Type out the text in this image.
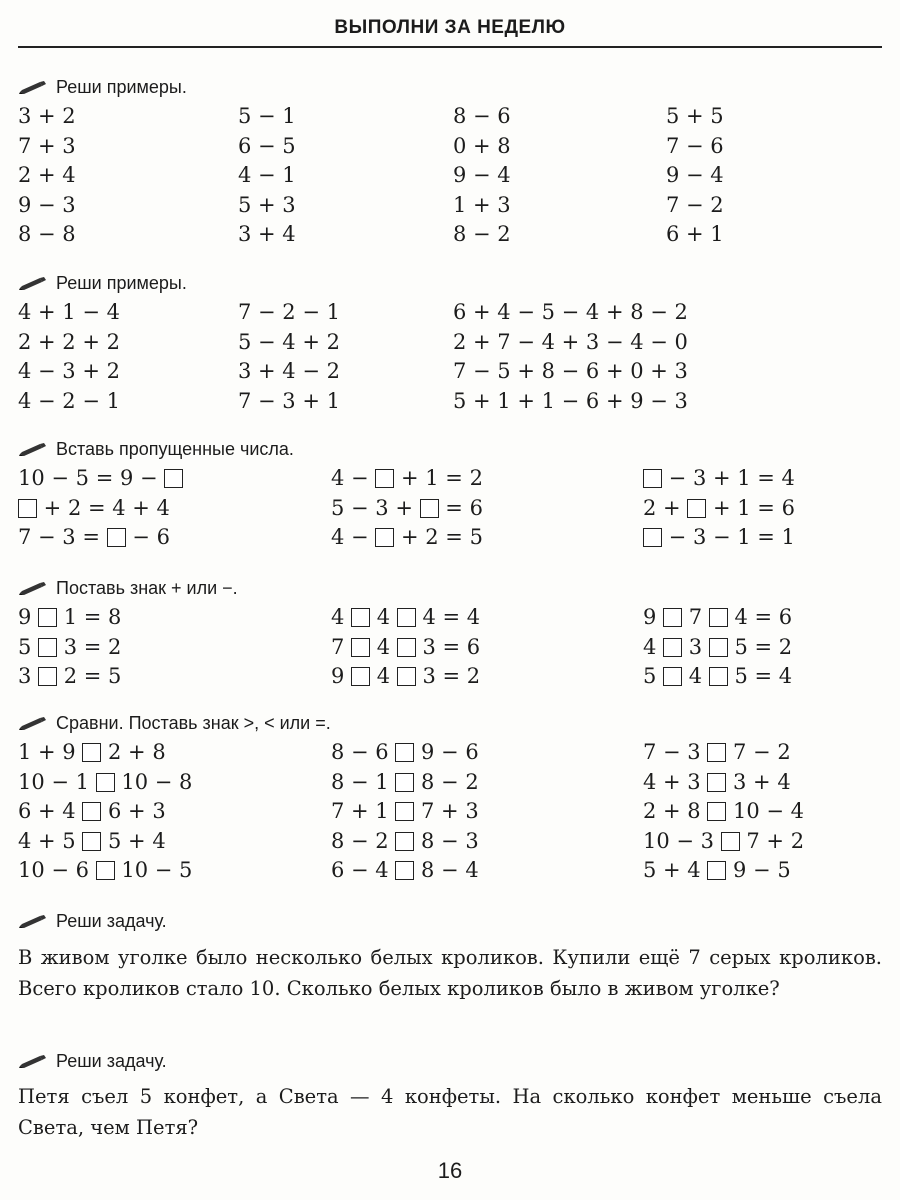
ВЫПОЛНИ ЗА НЕДЕЛЮ
Реши примеры.
3 + 2
7 + 3
2 + 4
9 − 3
8 − 8
5 − 1
6 − 5
4 − 1
5 + 3
3 + 4
8 − 6
0 + 8
9 − 4
1 + 3
8 − 2
5 + 5
7 − 6
9 − 4
7 − 2
6 + 1
Реши примеры.
4 + 1 − 4
2 + 2 + 2
4 − 3 + 2
4 − 2 − 1
7 − 2 − 1
5 − 4 + 2
3 + 4 − 2
7 − 3 + 1
6 + 4 − 5 − 4 + 8 − 2
2 + 7 − 4 + 3 − 4 − 0
7 − 5 + 8 − 6 + 0 + 3
5 + 1 + 1 − 6 + 9 − 3
Вставь пропущенные числа.
10 − 5 = 9 −
+ 2 = 4 + 4
7 − 3 =  − 6
4 −  + 1 = 2
5 − 3 +  = 6
4 −  + 2 = 5
− 3 + 1 = 4
2 +  + 1 = 6
− 3 − 1 = 1
Поставь знак + или −.
9  1 = 8
5  3 = 2
3  2 = 5
4  4  4 = 4
7  4  3 = 6
9  4  3 = 2
9  7  4 = 6
4  3  5 = 2
5  4  5 = 4
Сравни. Поставь знак >, < или =.
1 + 9  2 + 8
10 − 1  10 − 8
6 + 4  6 + 3
4 + 5  5 + 4
10 − 6  10 − 5
8 − 6  9 − 6
8 − 1  8 − 2
7 + 1  7 + 3
8 − 2  8 − 3
6 − 4  8 − 4
7 − 3  7 − 2
4 + 3  3 + 4
2 + 8  10 − 4
10 − 3  7 + 2
5 + 4  9 − 5
Реши задачу.
В живом уголке было несколько белых кроликов. Купили ещё 7 серых кроликов. Всего кроликов стало 10. Сколько белых кроликов было в живом уголке?
Реши задачу.
Петя съел 5 конфет, а Света — 4 конфеты. На сколько конфет меньше съела Света, чем Петя?
16
